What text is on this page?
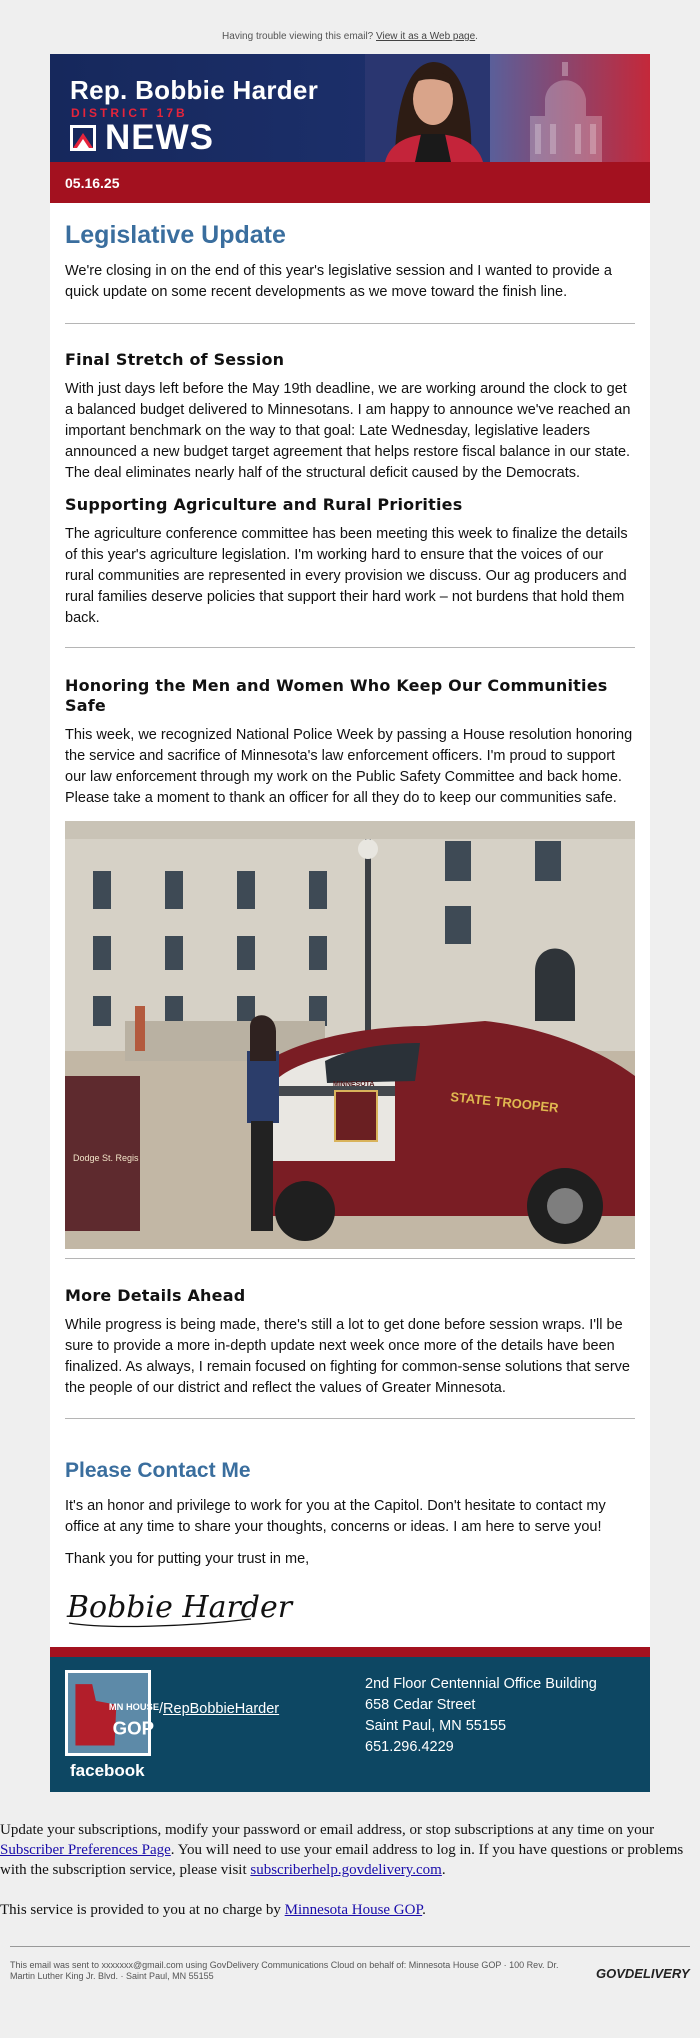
Having trouble viewing this email? View it as a Web page.
Rep. Bobbie Harder
DISTRICT 17B
NEWS
05.16.25
Legislative Update

We're closing in on the end of this year's legislative session and I wanted to provide a quick update on some recent developments as we move toward the finish line.

Final Stretch of Session

With just days left before the May 19th deadline, we are working around the clock to get a balanced budget delivered to Minnesotans. I am happy to announce we've reached an important benchmark on the way to that goal: Late Wednesday, legislative leaders announced a new budget target agreement that helps restore fiscal balance in our state. The deal eliminates nearly half of the structural deficit caused by the Democrats.

Supporting Agriculture and Rural Priorities

The agriculture conference committee has been meeting this week to finalize the details of this year's agriculture legislation. I'm working hard to ensure that the voices of our rural communities are represented in every provision we discuss. Our ag producers and rural families deserve policies that support their hard work – not burdens that hold them back.

Honoring the Men and Women Who Keep Our Communities Safe

This week, we recognized National Police Week by passing a House resolution honoring the service and sacrifice of Minnesota's law enforcement officers. I'm proud to support our law enforcement through my work on the Public Safety Committee and back home. Please take a moment to thank an officer for all they do to keep our communities safe.

Dodge St. Regis
MINNESOTA
STATE TROOPER
More Details Ahead

While progress is being made, there's still a lot to get done before session wraps. I'll be sure to provide a more in-depth update next week once more of the details have been finalized. As always, I remain focused on fighting for common-sense solutions that serve the people of our district and reflect the values of Greater Minnesota.

Please Contact Me

It's an honor and privilege to work for you at the Capitol. Don't hesitate to contact my office at any time to share your thoughts, concerns or ideas. I am here to serve you!

Thank you for putting your trust in me,

Bobbie Harder
MN HOUSE
GOP
facebook
/RepBobbieHarder
2nd Floor Centennial Office Building
658 Cedar Street
Saint Paul, MN 55155
651.296.4229

Update your subscriptions, modify your password or email address, or stop subscriptions at any time on your Subscriber Preferences Page. You will need to use your email address to log in. If you have questions or problems with the subscription service, please visit subscriberhelp.govdelivery.com.

This service is provided to you at no charge by Minnesota House GOP.

This email was sent to xxxxxxx@gmail.com using GovDelivery Communications Cloud on behalf of: Minnesota House GOP · 100 Rev. Dr. Martin Luther King Jr. Blvd. · Saint Paul, MN 55155	GOVDELIVERY
